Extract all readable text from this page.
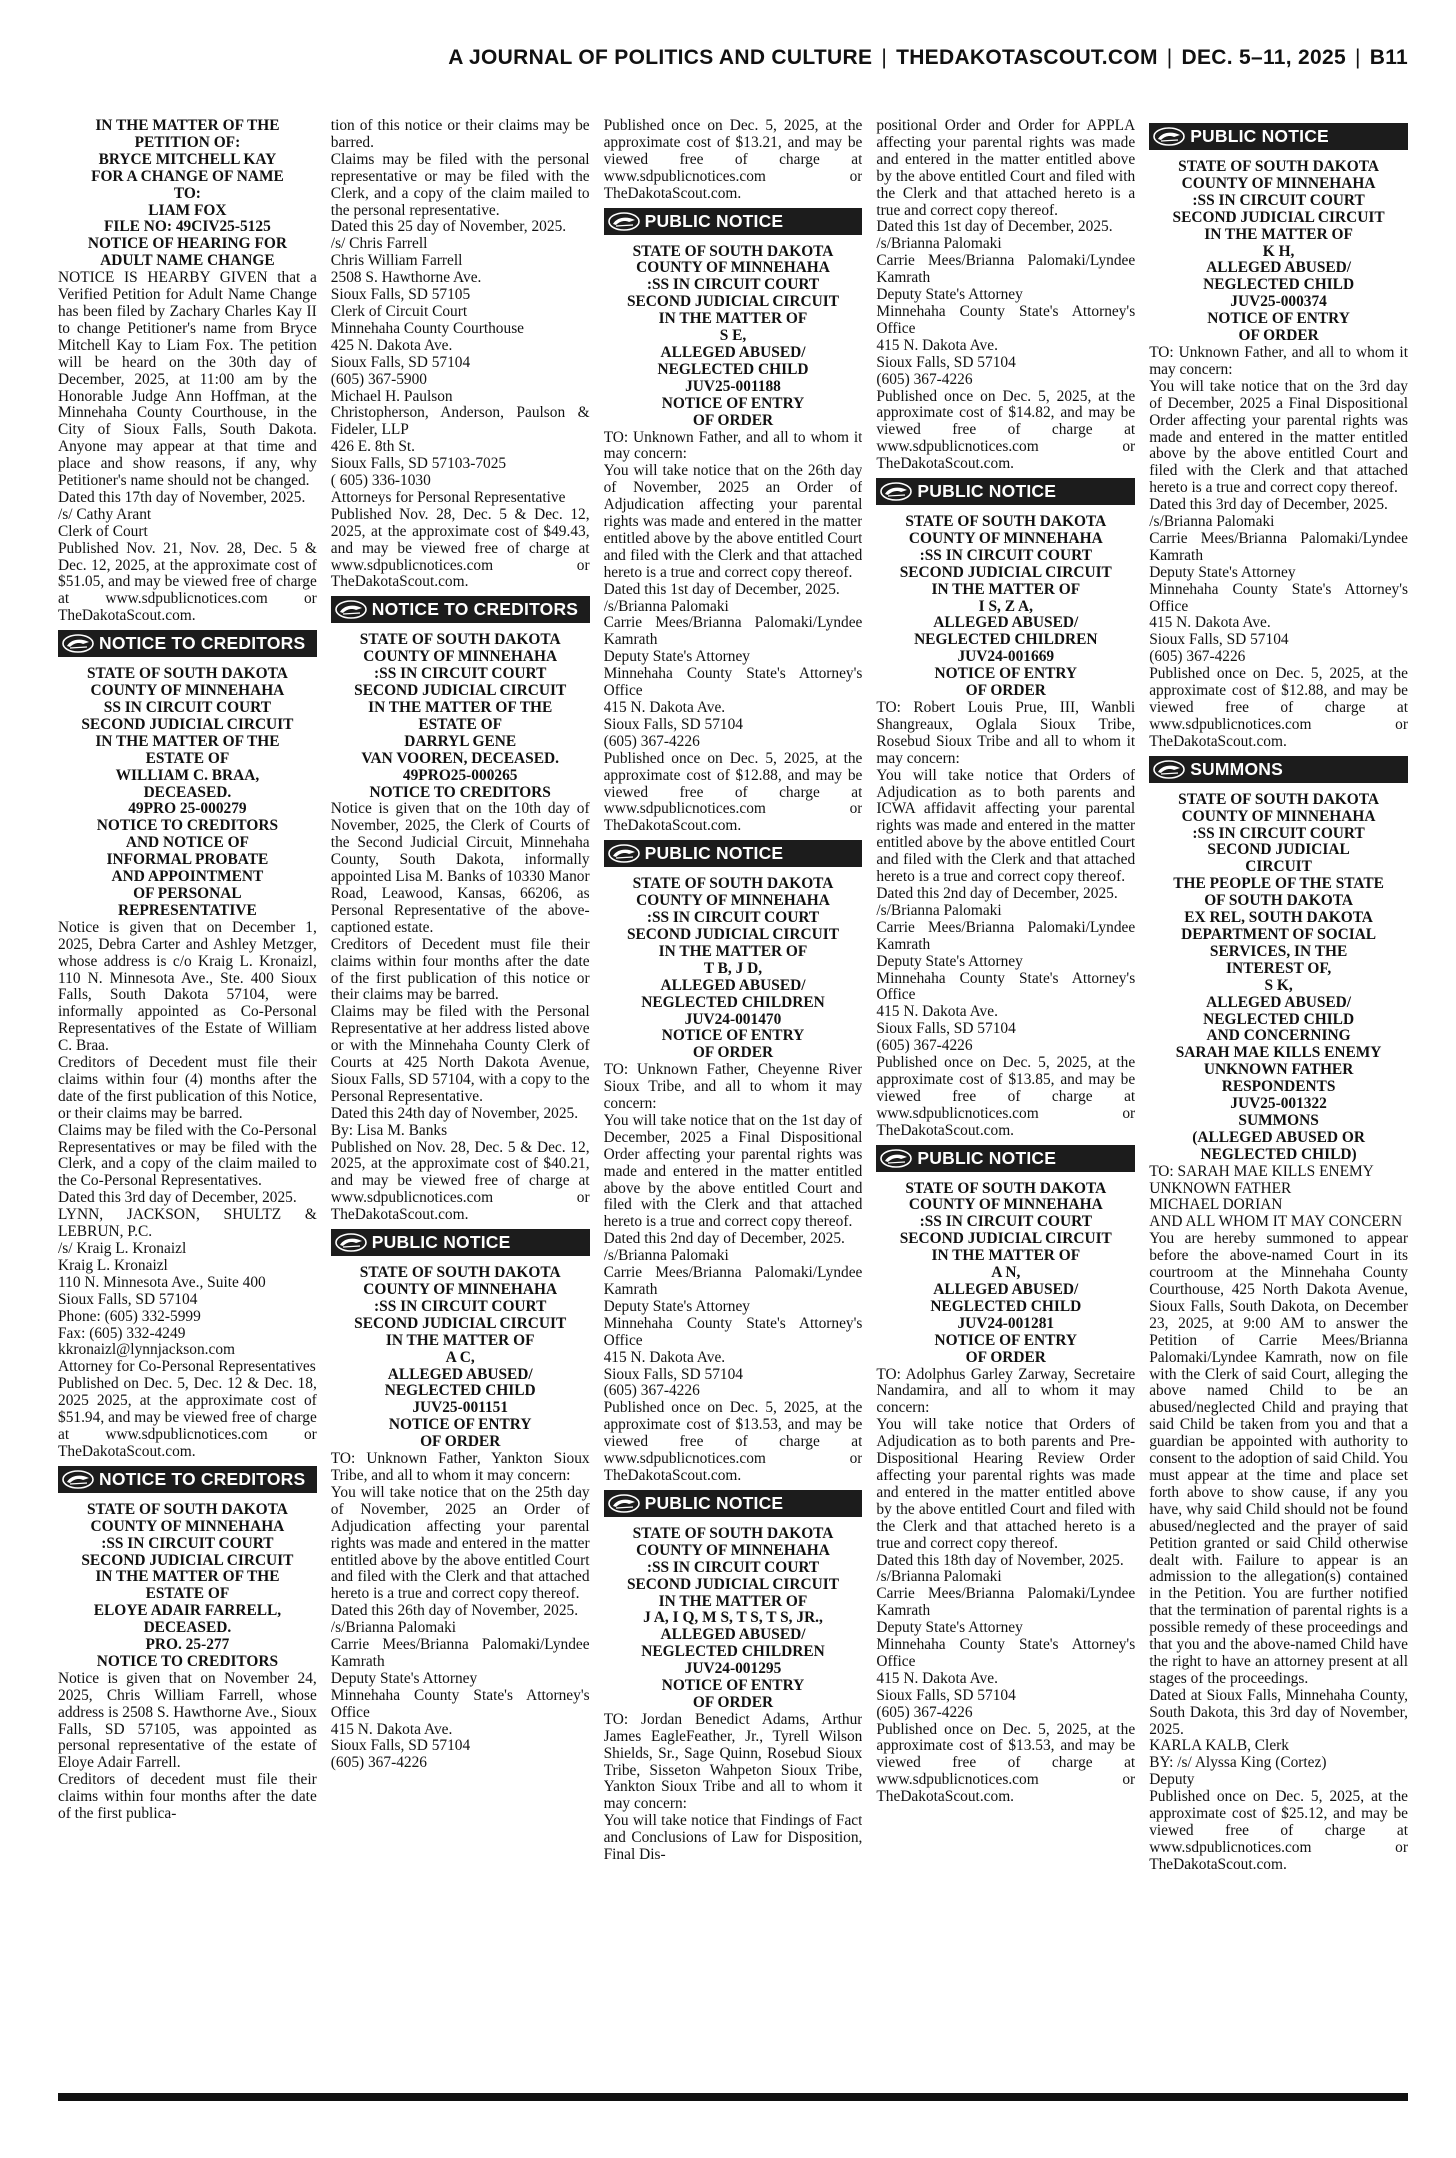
A JOURNAL OF POLITICS AND CULTURE | THEDAKOTASCOUT.COM | DEC. 5–11, 2025 | B11
IN THE MATTER OF THE
PETITION OF:
BRYCE MITCHELL KAY
FOR A CHANGE OF NAME
TO:
LIAM FOX
FILE NO: 49CIV25-5125
NOTICE OF HEARING FOR
ADULT NAME CHANGE
NOTICE IS HEARBY GIVEN that a Verified Petition for Adult Name Change has been filed by Zachary Charles Kay II to change Petitioner's name from Bryce Mitchell Kay to Liam Fox. The petition will be heard on the 30th day of December, 2025, at 11:00 am by the Honorable Judge Ann Hoffman, at the Minnehaha County Courthouse, in the City of Sioux Falls, South Dakota. Anyone may appear at that time and place and show reasons, if any, why Petitioner's name should not be changed.
Dated this 17th day of November, 2025.
/s/ Cathy Arant
Clerk of Court
Published Nov. 21, Nov. 28, Dec. 5 & Dec. 12, 2025, at the approximate cost of $51.05, and may be viewed free of charge at www.sdpublicnotices.com or TheDakotaScout.com.
NOTICE TO CREDITORS
STATE OF SOUTH DAKOTA
COUNTY OF MINNEHAHA
SS IN CIRCUIT COURT
SECOND JUDICIAL CIRCUIT
IN THE MATTER OF THE
ESTATE OF
WILLIAM C. BRAA,
DECEASED.
49PRO 25-000279
NOTICE TO CREDITORS
AND NOTICE OF
INFORMAL PROBATE
AND APPOINTMENT
OF PERSONAL
REPRESENTATIVE
Notice is given that on December 1, 2025, Debra Carter and Ashley Metzger, whose address is c/o Kraig L. Kronaizl, 110 N. Minnesota Ave., Ste. 400 Sioux Falls, South Dakota 57104, were informally appointed as Co-Personal Representatives of the Estate of William C. Braa.
Creditors of Decedent must file their claims within four (4) months after the date of the first publication of this Notice, or their claims may be barred.
Claims may be filed with the Co-Personal Representatives or may be filed with the Clerk, and a copy of the claim mailed to the Co-Personal Representatives.
Dated this 3rd day of December, 2025.
LYNN, JACKSON, SHULTZ & LEBRUN, P.C.
/s/ Kraig L. Kronaizl
Kraig L. Kronaizl
110 N. Minnesota Ave., Suite 400
Sioux Falls, SD 57104
Phone: (605) 332-5999
Fax: (605) 332-4249
kkronaizl@lynnjackson.com
Attorney for Co-Personal Representatives
Published on Dec. 5, Dec. 12 & Dec. 18, 2025 2025, at the approximate cost of $51.94, and may be viewed free of charge at www.sdpublicnotices.com or TheDakotaScout.com.
NOTICE TO CREDITORS
STATE OF SOUTH DAKOTA
COUNTY OF MINNEHAHA
:SS IN CIRCUIT COURT
SECOND JUDICIAL CIRCUIT
IN THE MATTER OF THE
ESTATE OF
ELOYE ADAIR FARRELL,
DECEASED.
PRO. 25-277
NOTICE TO CREDITORS
Notice is given that on November 24, 2025, Chris William Farrell, whose address is 2508 S. Hawthorne Ave., Sioux Falls, SD 57105, was appointed as personal representative of the estate of Eloye Adair Farrell.
Creditors of decedent must file their claims within four months after the date of the first publica-
tion of this notice or their claims may be barred.
Claims may be filed with the personal representative or may be filed with the Clerk, and a copy of the claim mailed to the personal representative.
Dated this 25 day of November, 2025.
/s/ Chris Farrell
Chris William Farrell
2508 S. Hawthorne Ave.
Sioux Falls, SD 57105
Clerk of Circuit Court
Minnehaha County Courthouse
425 N. Dakota Ave.
Sioux Falls, SD 57104
(605) 367-5900
Michael H. Paulson
Christopherson, Anderson, Paulson & Fideler, LLP
426 E. 8th St.
Sioux Falls, SD 57103-7025
( 605) 336-1030
Attorneys for Personal Representative
Published Nov. 28, Dec. 5 & Dec. 12, 2025, at the approximate cost of $49.43, and may be viewed free of charge at www.sdpublicnotices.com or TheDakotaScout.com.
NOTICE TO CREDITORS
STATE OF SOUTH DAKOTA
COUNTY OF MINNEHAHA
:SS IN CIRCUIT COURT
SECOND JUDICIAL CIRCUIT
IN THE MATTER OF THE
ESTATE OF
DARRYL GENE
VAN VOOREN, DECEASED.
49PRO25-000265
NOTICE TO CREDITORS
Notice is given that on the 10th day of November, 2025, the Clerk of Courts of the Second Judicial Circuit, Minnehaha County, South Dakota, informally appointed Lisa M. Banks of 10330 Manor Road, Leawood, Kansas, 66206, as Personal Representative of the above-captioned estate.
Creditors of Decedent must file their claims within four months after the date of the first publication of this notice or their claims may be barred.
Claims may be filed with the Personal Representative at her address listed above or with the Minnehaha County Clerk of Courts at 425 North Dakota Avenue, Sioux Falls, SD 57104, with a copy to the Personal Representative.
Dated this 24th day of November, 2025.
By: Lisa M. Banks
Published on Nov. 28, Dec. 5 & Dec. 12, 2025, at the approximate cost of $40.21, and may be viewed free of charge at www.sdpublicnotices.com or TheDakotaScout.com.
PUBLIC NOTICE
STATE OF SOUTH DAKOTA
COUNTY OF MINNEHAHA
:SS IN CIRCUIT COURT
SECOND JUDICIAL CIRCUIT
IN THE MATTER OF
A C,
ALLEGED ABUSED/
NEGLECTED CHILD
JUV25-001151
NOTICE OF ENTRY
OF ORDER
TO: Unknown Father, Yankton Sioux Tribe, and all to whom it may concern:
You will take notice that on the 25th day of November, 2025 an Order of Adjudication affecting your parental rights was made and entered in the matter entitled above by the above entitled Court and filed with the Clerk and that attached hereto is a true and correct copy thereof.
Dated this 26th day of November, 2025.
/s/Brianna Palomaki
Carrie Mees/Brianna Palomaki/Lyndee Kamrath
Deputy State's Attorney
Minnehaha County State's Attorney's Office
415 N. Dakota Ave.
Sioux Falls, SD 57104
(605) 367-4226
Published once on Dec. 5, 2025, at the approximate cost of $13.21, and may be viewed free of charge at www.sdpublicnotices.com or TheDakotaScout.com.
PUBLIC NOTICE
STATE OF SOUTH DAKOTA
COUNTY OF MINNEHAHA
:SS IN CIRCUIT COURT
SECOND JUDICIAL CIRCUIT
IN THE MATTER OF
S E,
ALLEGED ABUSED/
NEGLECTED CHILD
JUV25-001188
NOTICE OF ENTRY
OF ORDER
TO: Unknown Father, and all to whom it may concern:
You will take notice that on the 26th day of November, 2025 an Order of Adjudication affecting your parental rights was made and entered in the matter entitled above by the above entitled Court and filed with the Clerk and that attached hereto is a true and correct copy thereof.
Dated this 1st day of December, 2025.
/s/Brianna Palomaki
Carrie Mees/Brianna Palomaki/Lyndee Kamrath
Deputy State's Attorney
Minnehaha County State's Attorney's Office
415 N. Dakota Ave.
Sioux Falls, SD 57104
(605) 367-4226
Published once on Dec. 5, 2025, at the approximate cost of $12.88, and may be viewed free of charge at www.sdpublicnotices.com or TheDakotaScout.com.
PUBLIC NOTICE
STATE OF SOUTH DAKOTA
COUNTY OF MINNEHAHA
:SS IN CIRCUIT COURT
SECOND JUDICIAL CIRCUIT
IN THE MATTER OF
T B, J D,
ALLEGED ABUSED/
NEGLECTED CHILDREN
JUV24-001470
NOTICE OF ENTRY
OF ORDER
TO: Unknown Father, Cheyenne River Sioux Tribe, and all to whom it may concern:
You will take notice that on the 1st day of December, 2025 a Final Dispositional Order affecting your parental rights was made and entered in the matter entitled above by the above entitled Court and filed with the Clerk and that attached hereto is a true and correct copy thereof.
Dated this 2nd day of December, 2025.
/s/Brianna Palomaki
Carrie Mees/Brianna Palomaki/Lyndee Kamrath
Deputy State's Attorney
Minnehaha County State's Attorney's Office
415 N. Dakota Ave.
Sioux Falls, SD 57104
(605) 367-4226
Published once on Dec. 5, 2025, at the approximate cost of $13.53, and may be viewed free of charge at www.sdpublicnotices.com or TheDakotaScout.com.
PUBLIC NOTICE
STATE OF SOUTH DAKOTA
COUNTY OF MINNEHAHA
:SS IN CIRCUIT COURT
SECOND JUDICIAL CIRCUIT
IN THE MATTER OF
J A, I Q, M S, T S, T S, JR.,
ALLEGED ABUSED/
NEGLECTED CHILDREN
JUV24-001295
NOTICE OF ENTRY
OF ORDER
TO: Jordan Benedict Adams, Arthur James EagleFeather, Jr., Tyrell Wilson Shields, Sr., Sage Quinn, Rosebud Sioux Tribe, Sisseton Wahpeton Sioux Tribe, Yankton Sioux Tribe and all to whom it may concern:
You will take notice that Findings of Fact and Conclusions of Law for Disposition, Final Dis-
positional Order and Order for APPLA affecting your parental rights was made and entered in the matter entitled above by the above entitled Court and filed with the Clerk and that attached hereto is a true and correct copy thereof.
Dated this 1st day of December, 2025.
/s/Brianna Palomaki
Carrie Mees/Brianna Palomaki/Lyndee Kamrath
Deputy State's Attorney
Minnehaha County State's Attorney's Office
415 N. Dakota Ave.
Sioux Falls, SD 57104
(605) 367-4226
Published once on Dec. 5, 2025, at the approximate cost of $14.82, and may be viewed free of charge at www.sdpublicnotices.com or TheDakotaScout.com.
PUBLIC NOTICE
STATE OF SOUTH DAKOTA
COUNTY OF MINNEHAHA
:SS IN CIRCUIT COURT
SECOND JUDICIAL CIRCUIT
IN THE MATTER OF
I S, Z A,
ALLEGED ABUSED/
NEGLECTED CHILDREN
JUV24-001669
NOTICE OF ENTRY
OF ORDER
TO: Robert Louis Prue, III, Wanbli Shangreaux, Oglala Sioux Tribe, Rosebud Sioux Tribe and all to whom it may concern:
You will take notice that Orders of Adjudication as to both parents and ICWA affidavit affecting your parental rights was made and entered in the matter entitled above by the above entitled Court and filed with the Clerk and that attached hereto is a true and correct copy thereof.
Dated this 2nd day of December, 2025.
/s/Brianna Palomaki
Carrie Mees/Brianna Palomaki/Lyndee Kamrath
Deputy State's Attorney
Minnehaha County State's Attorney's Office
415 N. Dakota Ave.
Sioux Falls, SD 57104
(605) 367-4226
Published once on Dec. 5, 2025, at the approximate cost of $13.85, and may be viewed free of charge at www.sdpublicnotices.com or TheDakotaScout.com.
PUBLIC NOTICE
STATE OF SOUTH DAKOTA
COUNTY OF MINNEHAHA
:SS IN CIRCUIT COURT
SECOND JUDICIAL CIRCUIT
IN THE MATTER OF
A N,
ALLEGED ABUSED/
NEGLECTED CHILD
JUV24-001281
NOTICE OF ENTRY
OF ORDER
TO: Adolphus Garley Zarway, Secretaire Nandamira, and all to whom it may concern:
You will take notice that Orders of Adjudication as to both parents and Pre-Dispositional Hearing Review Order affecting your parental rights was made and entered in the matter entitled above by the above entitled Court and filed with the Clerk and that attached hereto is a true and correct copy thereof.
Dated this 18th day of November, 2025.
/s/Brianna Palomaki
Carrie Mees/Brianna Palomaki/Lyndee Kamrath
Deputy State's Attorney
Minnehaha County State's Attorney's Office
415 N. Dakota Ave.
Sioux Falls, SD 57104
(605) 367-4226
Published once on Dec. 5, 2025, at the approximate cost of $13.53, and may be viewed free of charge at www.sdpublicnotices.com or TheDakotaScout.com.
PUBLIC NOTICE
STATE OF SOUTH DAKOTA
COUNTY OF MINNEHAHA
:SS IN CIRCUIT COURT
SECOND JUDICIAL CIRCUIT
IN THE MATTER OF
K H,
ALLEGED ABUSED/
NEGLECTED CHILD
JUV25-000374
NOTICE OF ENTRY
OF ORDER
TO: Unknown Father, and all to whom it may concern:
You will take notice that on the 3rd day of December, 2025 a Final Dispositional Order affecting your parental rights was made and entered in the matter entitled above by the above entitled Court and filed with the Clerk and that attached hereto is a true and correct copy thereof.
Dated this 3rd day of December, 2025.
/s/Brianna Palomaki
Carrie Mees/Brianna Palomaki/Lyndee Kamrath
Deputy State's Attorney
Minnehaha County State's Attorney's Office
415 N. Dakota Ave.
Sioux Falls, SD 57104
(605) 367-4226
Published once on Dec. 5, 2025, at the approximate cost of $12.88, and may be viewed free of charge at www.sdpublicnotices.com or TheDakotaScout.com.
SUMMONS
STATE OF SOUTH DAKOTA
COUNTY OF MINNEHAHA
:SS IN CIRCUIT COURT
SECOND JUDICIAL
CIRCUIT
THE PEOPLE OF THE STATE
OF SOUTH DAKOTA
EX REL, SOUTH DAKOTA
DEPARTMENT OF SOCIAL
SERVICES, IN THE
INTEREST OF,
S K,
ALLEGED ABUSED/
NEGLECTED CHILD
AND CONCERNING
SARAH MAE KILLS ENEMY
UNKNOWN FATHER
RESPONDENTS
JUV25-001322
SUMMONS
(ALLEGED ABUSED OR
NEGLECTED CHILD)
TO: SARAH MAE KILLS ENEMY
UNKNOWN FATHER
MICHAEL DORIAN
AND ALL WHOM IT MAY CONCERN
You are hereby summoned to appear before the above-named Court in its courtroom at the Minnehaha County Courthouse, 425 North Dakota Avenue, Sioux Falls, South Dakota, on December 23, 2025, at 9:00 AM to answer the Petition of Carrie Mees/Brianna Palomaki/Lyndee Kamrath, now on file with the Clerk of said Court, alleging the above named Child to be an abused/neglected Child and praying that said Child be taken from you and that a guardian be appointed with authority to consent to the adoption of said Child. You must appear at the time and place set forth above to show cause, if any you have, why said Child should not be found abused/neglected and the prayer of said Petition granted or said Child otherwise dealt with. Failure to appear is an admission to the allegation(s) contained in the Petition. You are further notified that the termination of parental rights is a possible remedy of these proceedings and that you and the above-named Child have the right to have an attorney present at all stages of the proceedings.
Dated at Sioux Falls, Minnehaha County, South Dakota, this 3rd day of November, 2025.
KARLA KALB, Clerk
BY: /s/ Alyssa King (Cortez)
Deputy
Published once on Dec. 5, 2025, at the approximate cost of $25.12, and may be viewed free of charge at www.sdpublicnotices.com or TheDakotaScout.com.
